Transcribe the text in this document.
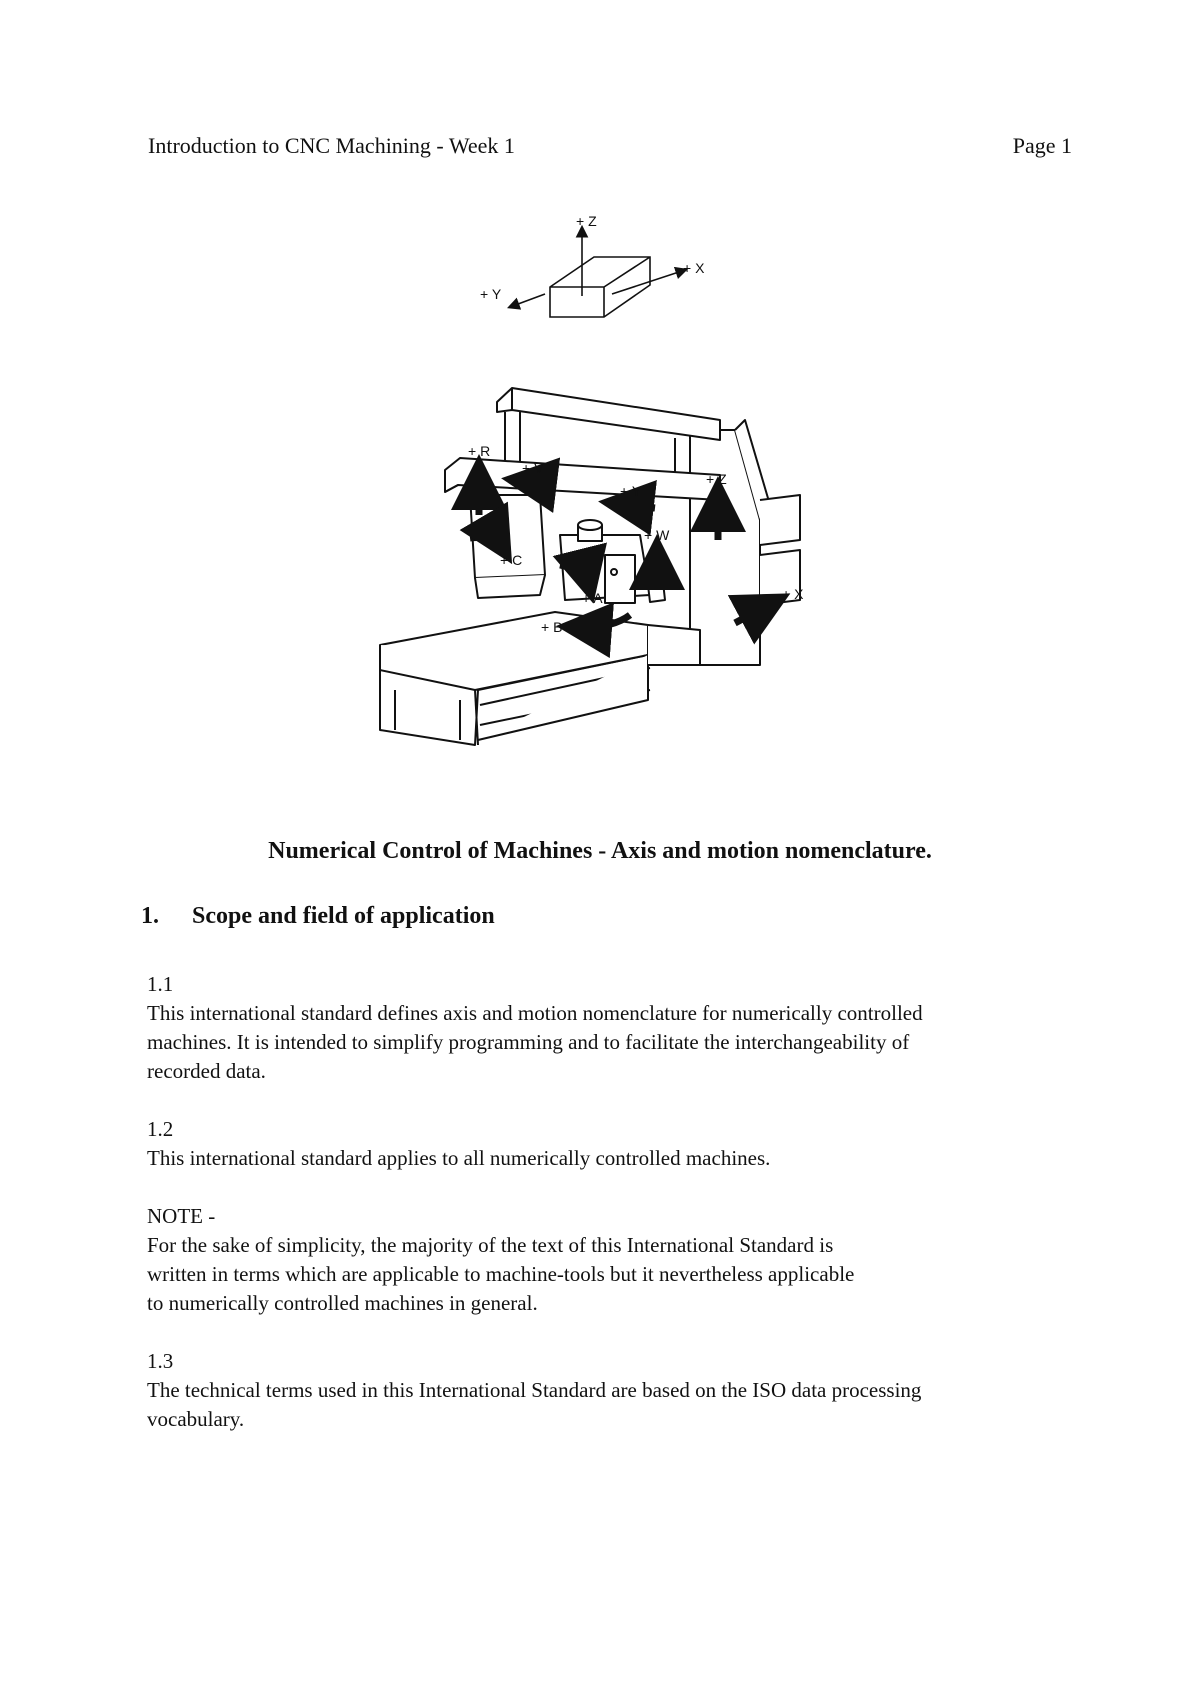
Introduction to CNC Machining - Week 1	Page 1
+ Z
+ X
+ Y
+ R
+ V
+ Y
+ Z
+ W
+ C
+ A
+ B
+ X
Numerical Control of Machines - Axis and motion nomenclature.
1. Scope and field of application
1.1
This international standard defines axis and motion nomenclature for numerically controlled
machines. It is intended to simplify programming and to facilitate the interchangeability of
recorded data.
1.2
This international standard applies to all numerically controlled machines.
NOTE -
For the sake of simplicity, the majority of the text of this International Standard is
written in terms which are applicable to machine-tools but it nevertheless applicable
to numerically controlled machines in general.
1.3
The technical terms used in this International Standard are based on the ISO data processing
vocabulary.
